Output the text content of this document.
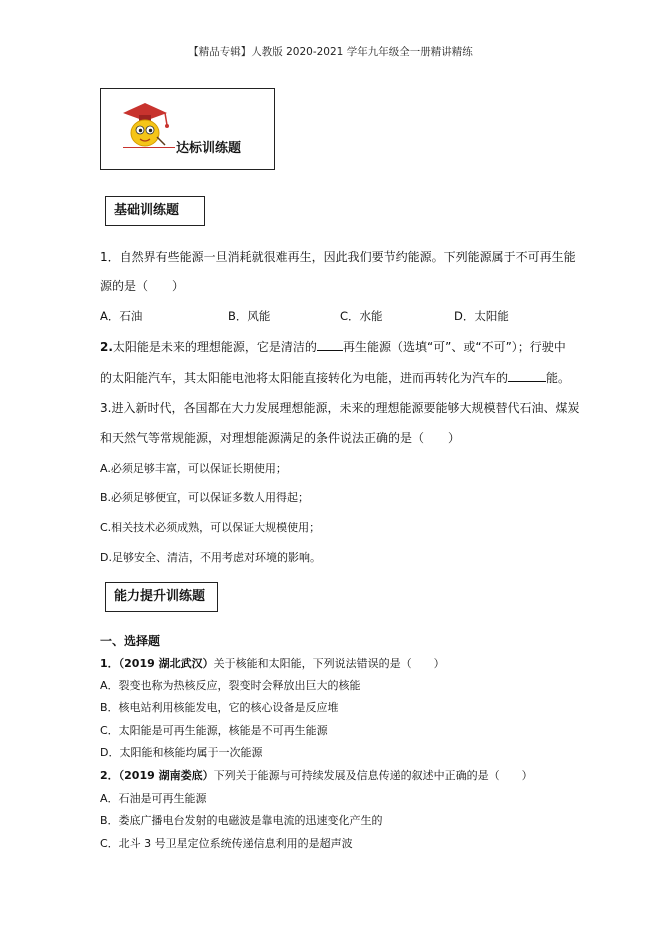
【精品专辑】人教版 2020-2021 学年九年级全一册精讲精练
达标训练题
基础训练题
1．自然界有些能源一旦消耗就很难再生，因此我们要节约能源。下列能源属于不可再生能
源的是（　　）
A．石油	B．风能	C．水能	D．太阳能
2.太阳能是未来的理想能源，它是清洁的 再生能源（选填“可”、或“不可”）；行驶中
的太阳能汽车，其太阳能电池将太阳能直接转化为电能，进而再转化为汽车的	能。
3.进入新时代，各国都在大力发展理想能源，未来的理想能源要能够大规模替代石油、煤炭
和天然气等常规能源，对理想能源满足的条件说法正确的是（　　）
A.必须足够丰富，可以保证长期使用；
B.必须足够便宜，可以保证多数人用得起；
C.相关技术必须成熟，可以保证大规模使用；
D.足够安全、清洁，不用考虑对环境的影响。
能力提升训练题
一、选择题
1．（2019 湖北武汉）关于核能和太阳能，下列说法错误的是（　　）
A．裂变也称为热核反应，裂变时会释放出巨大的核能
B．核电站利用核能发电，它的核心设备是反应堆
C．太阳能是可再生能源，核能是不可再生能源
D．太阳能和核能均属于一次能源
2．（2019 湖南娄底）下列关于能源与可持续发展及信息传递的叙述中正确的是（　　）
A．石油是可再生能源
B．娄底广播电台发射的电磁波是靠电流的迅速变化产生的
C．北斗 3 号卫星定位系统传递信息利用的是超声波
